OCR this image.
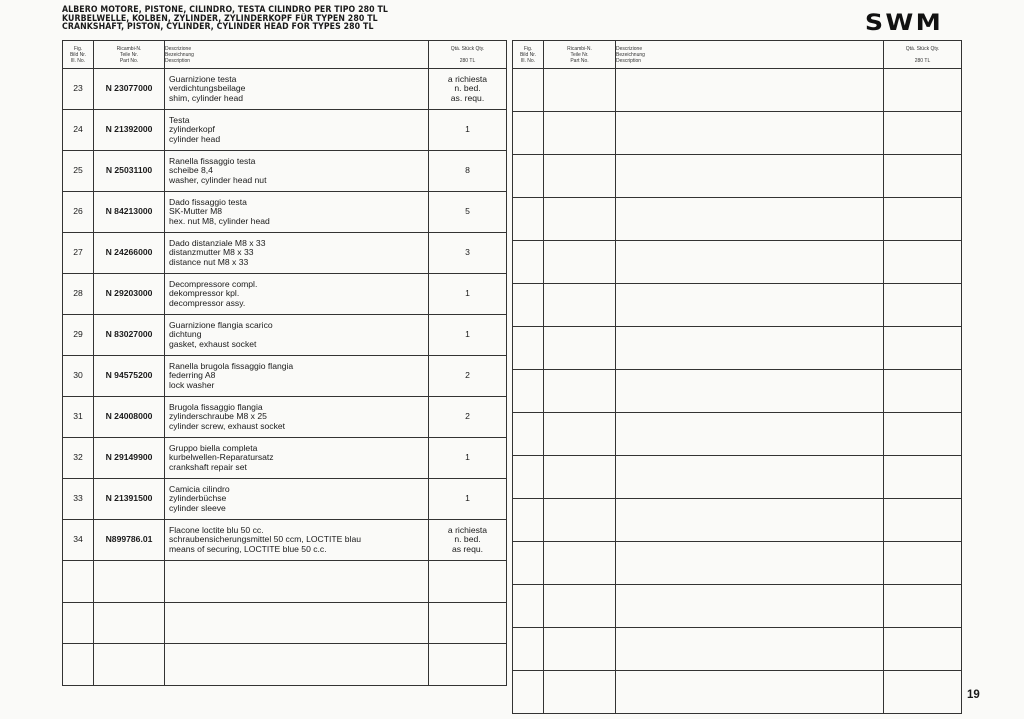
ALBERO MOTORE, PISTONE, CILINDRO, TESTA CILINDRO PER TIPO 280 TL
KURBELWELLE, KOLBEN, ZYLINDER, ZYLINDERKOPF FÜR TYPEN 280 TL
CRANKSHAFT, PISTON, CYLINDER, CYLINDER HEAD FOR TYPES 280 TL	SWM
Fig.
Bild Nr.
Ill. No.	Ricambi-N.
Teile Nr.
Part No.	Descrizione
Bezeichnung
Description	Qtà. Stück Qty.

280 TL

23	N 23077000	Guarnizione testa
verdichtungsbeilage
shim, cylinder head	a richiesta
n. bed.
as. requ.

24	N 21392000	Testa
zylinderkopf
cylinder head	1

25	N 25031100	Ranella fissaggio testa
scheibe 8,4
washer, cylinder head nut	8

26	N 84213000	Dado fissaggio testa
SK-Mutter M8
hex. nut M8, cylinder head	5

27	N 24266000	Dado distanziale M8 x 33
distanzmutter M8 x 33
distance nut M8 x 33	3

28	N 29203000	Decompressore compl.
dekompressor kpl.
decompressor assy.	1

29	N 83027000	Guarnizione flangia scarico
dichtung
gasket, exhaust socket	1

30	N 94575200	Ranella brugola fissaggio flangia
federring A8
lock washer	2

31	N 24008000	Brugola fissaggio flangia
zylinderschraube M8 x 25
cylinder screw, exhaust socket	2

32	N 29149900	Gruppo biella completa
kurbelwellen-Reparatursatz
crankshaft repair set	1

33	N 21391500	Camicia cilindro
zylinderbüchse
cylinder sleeve	1

34	N899786.01	Flacone loctite blu 50 cc.
schraubensicherungsmittel 50 ccm, LOCTITE blau
means of securing, LOCTITE blue 50 c.c.	a richiesta
n. bed.
as requ.

Fig.
Bild Nr.
Ill. No.	Ricambi-N.
Teile Nr.
Part No.	Descrizione
Bezeichnung
Description	Qtà. Stück Qty.

280 TL

19
